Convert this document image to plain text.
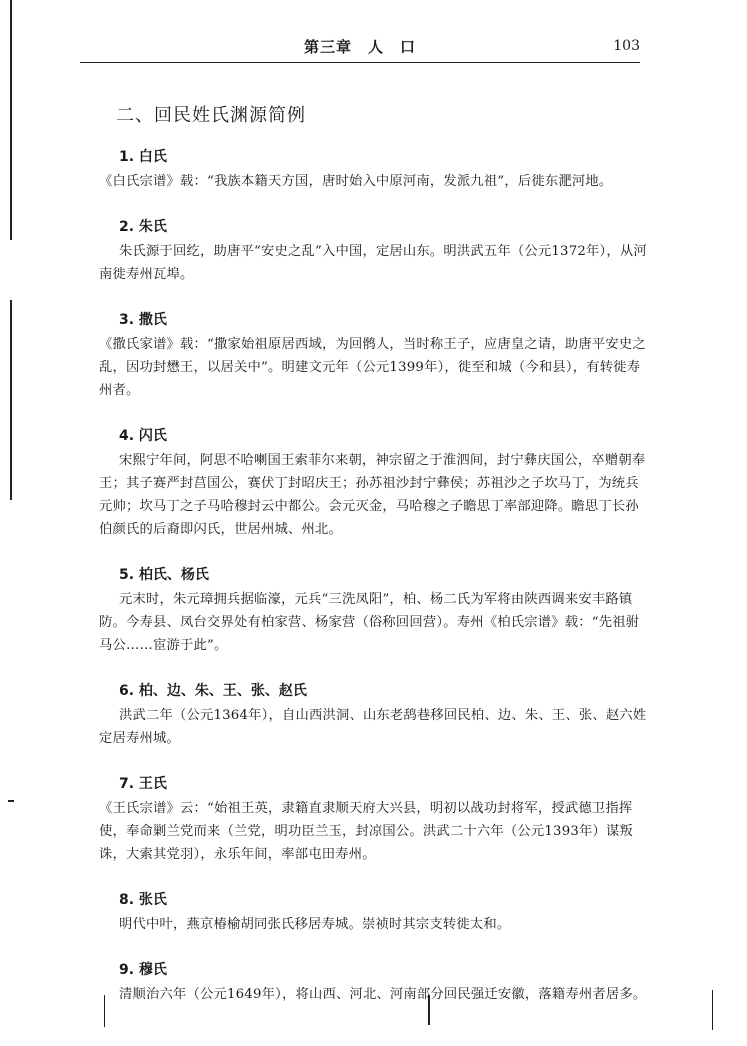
第三章　人　口	103
二、回民姓氏渊源简例
1. 白氏
《白氏宗谱》载：“我族本籍天方国，唐时始入中原河南，发派九祖”，后徙东淝河地。
2. 朱氏
朱氏源于回纥，助唐平“安史之乱”入中国，定居山东。明洪武五年（公元1372年），从河南徙寿州瓦埠。
3. 撒氏
《撒氏家谱》载：“撒家始祖原居西域，为回鹘人，当时称王子，应唐皇之请，助唐平安史之乱，因功封懋王，以居关中”。明建文元年（公元1399年），徙至和城（今和县），有转徙寿州者。
4. 闪氏
宋熙宁年间，阿思不哈喇国王索菲尔来朝，神宗留之于淮泗间，封宁彝庆国公，卒赠朝奉王；其子赛严封莒国公，赛伏丁封昭庆王；孙苏祖沙封宁彝侯；苏祖沙之子坎马丁，为统兵元帅；坎马丁之子马哈穆封云中都公。会元灭金，马哈穆之子瞻思丁率部迎降。瞻思丁长孙伯颜氏的后裔即闪氏，世居州城、州北。
5. 柏氏、杨氏
元末时，朱元璋拥兵据临濠，元兵“三洗凤阳”，柏、杨二氏为军将由陕西调来安丰路镇防。今寿县、凤台交界处有柏家营、杨家营（俗称回回营）。寿州《柏氏宗谱》载：“先祖驸马公……宦游于此”。
6. 柏、边、朱、王、张、赵氏
洪武二年（公元1364年），自山西洪洞、山东老鸹巷移回民柏、边、朱、王、张、赵六姓定居寿州城。
7. 王氏
《王氏宗谱》云：“始祖王英，隶籍直隶顺天府大兴县，明初以战功封将军，授武德卫指挥使，奉命剿兰党而来（兰党，明功臣兰玉，封凉国公。洪武二十六年（公元1393年）谋叛诛，大索其党羽），永乐年间，率部屯田寿州。
8. 张氏
明代中叶，燕京椿榆胡同张氏移居寿城。崇祯时其宗支转徙太和。
9. 穆氏
清顺治六年（公元1649年），将山西、河北、河南部分回民强迁安徽，落籍寿州者居多。
